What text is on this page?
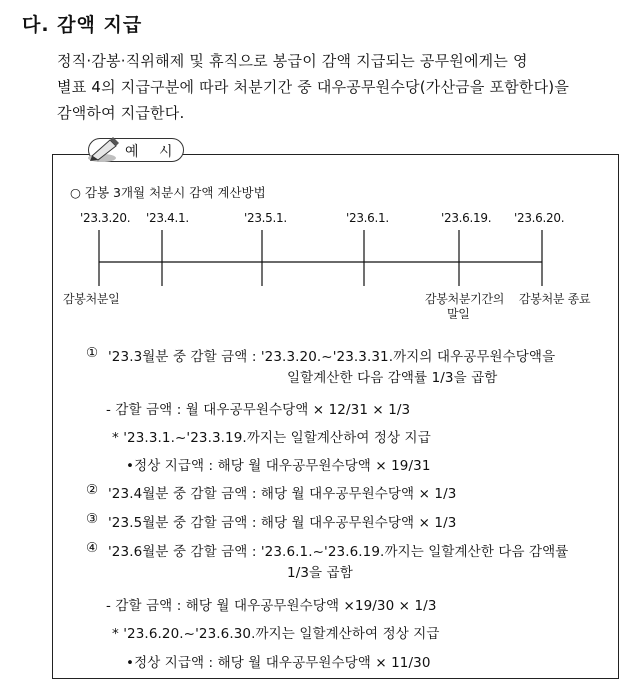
다. 감액 지급
정직·감봉·직위해제 및 휴직으로 봉급이 감액 지급되는 공무원에게는 영
별표 4의 지급구분에 따라 처분기간 중 대우공무원수당(가산금을 포함한다)을
감액하여 지급한다.
예 시
○ 감봉 3개월 처분시 감액 계산방법
'23.3.20. '23.4.1.	'23.5.1.	'23.6.1.	'23.6.19. '23.6.20.
감봉처분일	감봉처분기간의
말일
감봉처분 종료
① '23.3월분 중 감할 금액 : '23.3.20.~'23.3.31.까지의 대우공무원수당액을
일할계산한 다음 감액률 1/3을 곱함
- 감할 금액 : 월 대우공무원수당액 × 12/31 × 1/3
* '23.3.1.~'23.3.19.까지는 일할계산하여 정상 지급
•정상 지급액 : 해당 월 대우공무원수당액 × 19/31
② '23.4월분 중 감할 금액 : 해당 월 대우공무원수당액 × 1/3
③ '23.5월분 중 감할 금액 : 해당 월 대우공무원수당액 × 1/3
④ '23.6월분 중 감할 금액 : '23.6.1.~'23.6.19.까지는 일할계산한 다음 감액률
1/3을 곱함
- 감할 금액 : 해당 월 대우공무원수당액 ×19/30 × 1/3
* '23.6.20.~'23.6.30.까지는 일할계산하여 정상 지급
•정상 지급액 : 해당 월 대우공무원수당액 × 11/30
